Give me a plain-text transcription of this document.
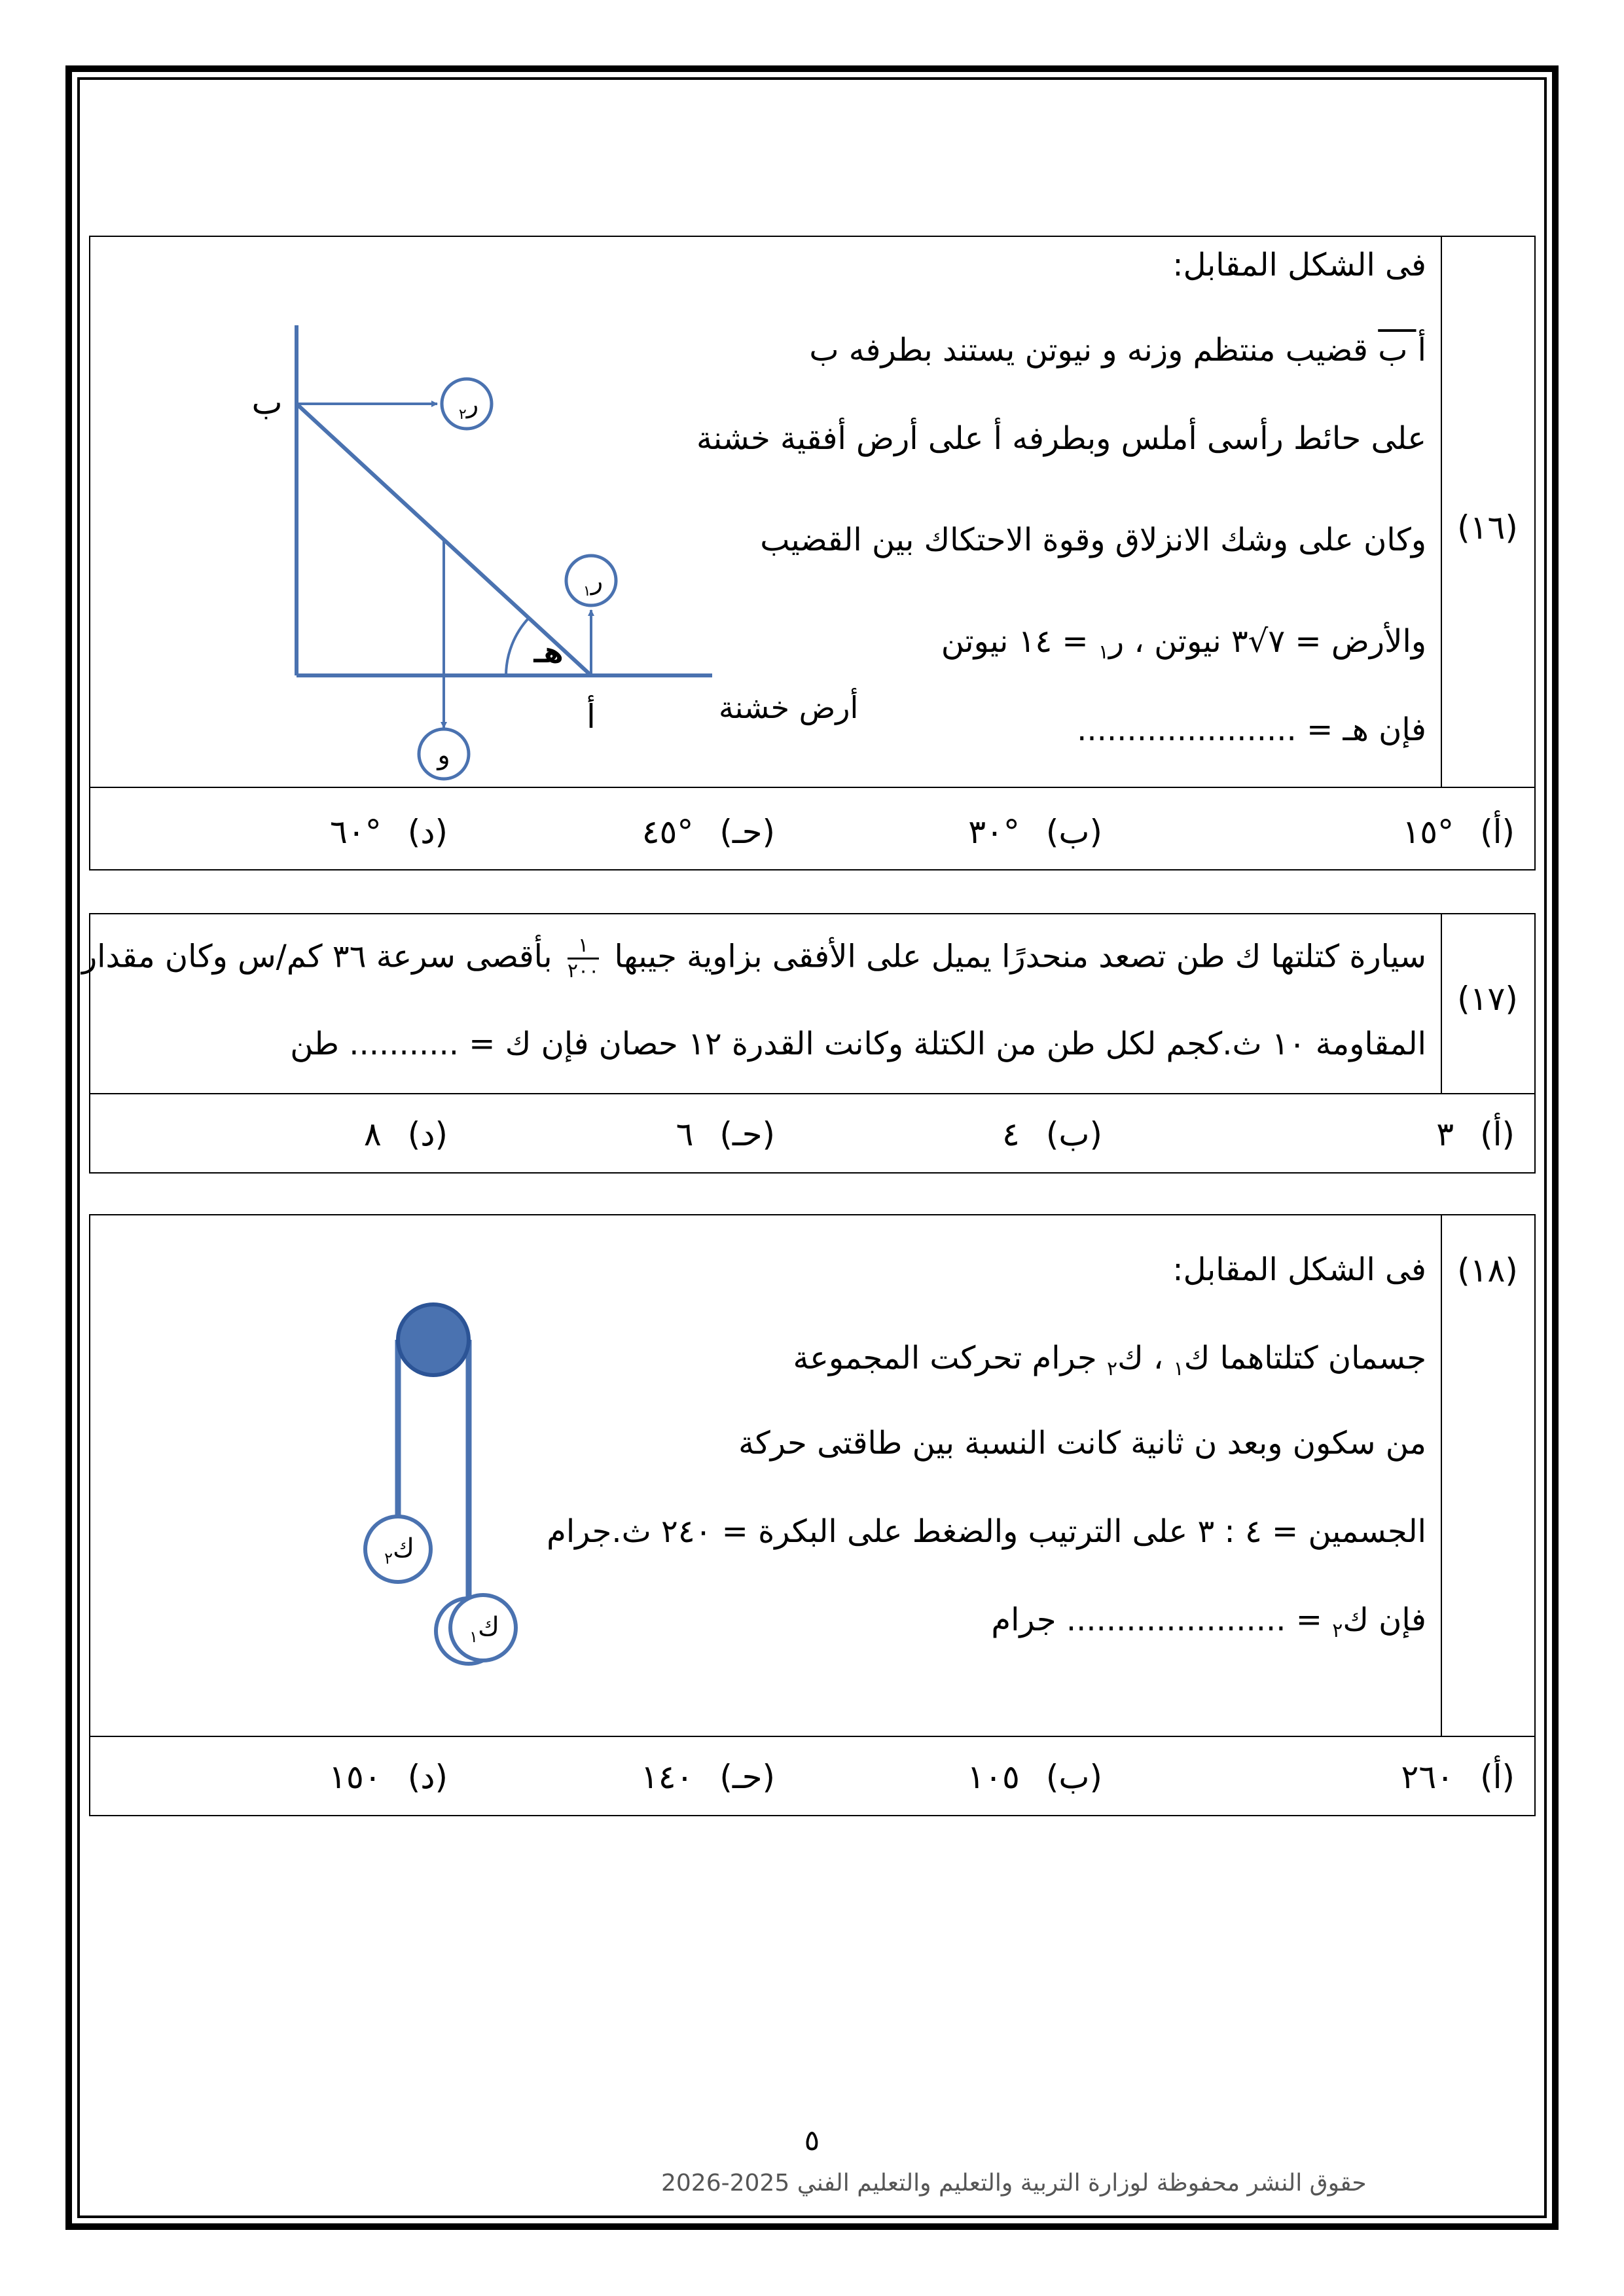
(١٦)
فى الشكل المقابل:
أ ب قضيب منتظم وزنه و نيوتن يستند بطرفه ب
على حائط رأسى أملس وبطرفه أ على أرض أفقية خشنة
وكان على وشك الانزلاق وقوة الاحتكاك بين القضيب
والأرض = ٧√٣ نيوتن ، ر$_١$ = ١٤ نيوتن
فإن هـ = ......................
ب
أ
هـ
و
ر$_٢$
ر$_١$
أرض خشنة
(أ)°١٥
(ب)°٣٠
(حـ)°٤٥
(د)°٦٠
(١٧)
سيارة كتلتها ك طن تصعد منحدرًا يميل على الأفقى بزاوية جيبها
$\frac{١}{٢٠٠}$
بأقصى سرعة ٣٦ كم/س وكان مقدار
المقاومة ١٠ ث.كجم لكل طن من الكتلة وكانت القدرة ١٢ حصان فإن ك = ........... طن
(أ)٣
(ب)٤
(حـ)٦
(د)٨
(١٨)
فى الشكل المقابل:
جسمان كتلتاهما ك$_١$ ، ك$_٢$ جرام تحركت المجموعة
من سكون وبعد ن ثانية كانت النسبة بين طاقتى حركة
الجسمين = ٤ : ٣ على الترتيب والضغط على البكرة = ٢٤٠ ث.جرام
فإن ك$_٢$ = ...................... جرام
ك$_٢$
ك$_١$
(أ)٢٦٠
(ب)١٠٥
(حـ)١٤٠
(د)١٥٠
٥
حقوق النشر محفوظة لوزارة التربية والتعليم والتعليم الفني 2025-2026
